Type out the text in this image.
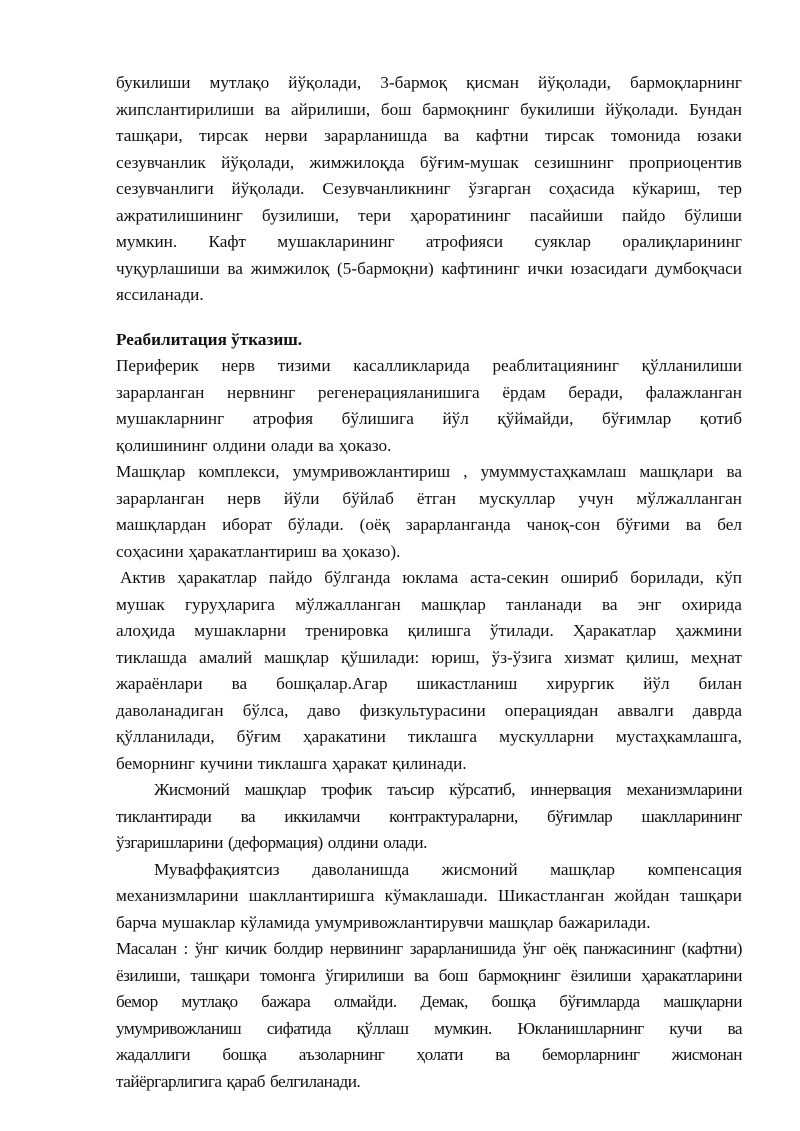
букилиши мутлақо йўқолади, 3-бармоқ қисман йўқолади, бармоқларнинг
жипслантирилиши ва айрилиши, бош бармоқнинг букилиши йўқолади. Бундан
ташқари, тирсак нерви зарарланишда ва кафтни тирсак томонида юзаки
сезувчанлик йўқолади, жимжилоқда бўғим-мушак сезишнинг проприоцентив
сезувчанлиги йўқолади. Сезувчанликнинг ўзгарган соҳасида кўкариш, тер
ажратилишининг бузилиши, тери ҳароратининг пасайиши пайдо бўлиши
мумкин. Кафт мушакларининг атрофияси суяклар оралиқларининг
чуқурлашиши ва жимжилоқ (5-бармоқни) кафтининг ички юзасидаги думбоқчаси
яссиланади.
Реабилитация ўтказиш.
Периферик нерв тизими касалликларида реаблитациянинг қўлланилиши
зарарланган нервнинг регенерацияланишига ёрдам беради, фалажланган
мушакларнинг атрофия бўлишига йўл қўймайди, бўғимлар қотиб
қолишининг олдини олади ва ҳоказо.
Машқлар комплекси, умумривожлантириш , умуммустаҳкамлаш машқлари ва
зарарланган нерв йўли бўйлаб ётган мускуллар учун мўлжалланган
машқлардан иборат бўлади. (оёқ зарарланганда чаноқ-сон бўғими ва бел
соҳасини ҳаракатлантириш ва ҳоказо).
Актив ҳаракатлар пайдо бўлганда юклама аста-секин ошириб борилади, кўп
мушак гуруҳларига мўлжалланган машқлар танланади ва энг охирида
алоҳида мушакларни тренировка қилишга ўтилади. Ҳаракатлар ҳажмини
тиклашда амалий машқлар қўшилади: юриш, ўз-ўзига хизмат қилиш, меҳнат
жараёнлари ва бошқалар.Агар шикастланиш хирургик йўл билан
даволанадиган бўлса, даво физкультурасини операциядан аввалги даврда
қўлланилади, бўғим ҳаракатини тиклашга мускулларни мустаҳкамлашга,
беморнинг кучини тиклашга ҳаракат қилинади.
Жисмоний машқлар трофик таъсир кўрсатиб, иннервация механизмларини
тиклантиради ва иккиламчи контрактураларни, бўғимлар шаклларининг
ўзгаришларини (деформация) олдини олади.
Муваффақиятсиз даволанишда жисмоний машқлар компенсация
механизмларини шакллантиришга кўмаклашади. Шикастланган жойдан ташқари
барча мушаклар кўламида умумривожлантирувчи машқлар бажарилади.
Масалан : ўнг кичик болдир нервининг зарарланишида ўнг оёқ панжасининг (кафтни)
ёзилиши, ташқари томонга ўгирилиши ва бош бармоқнинг ёзилиши ҳаракатларини
бемор мутлақо бажара олмайди. Демак, бошқа бўғимларда машқларни
умумривожланиш сифатида қўллаш мумкин. Юкланишларнинг кучи ва
жадаллиги бошқа аъзоларнинг ҳолати ва беморларнинг жисмонан
тайёргарлигига қараб белгиланади.
